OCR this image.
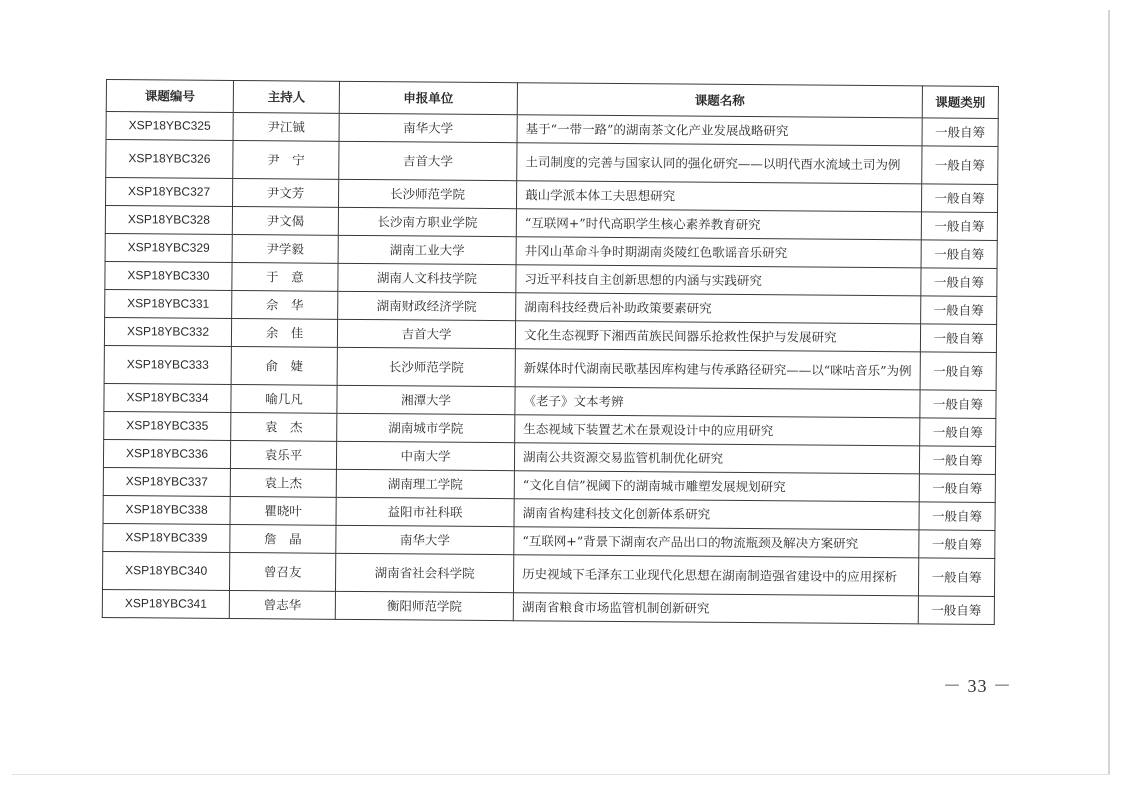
课题编号	主持人	申报单位	课题名称	课题类别
XSP18YBC325	尹江铖	南华大学	基于“一带一路”的湖南茶文化产业发展战略研究	一般自筹
XSP18YBC326	尹　宁	吉首大学	土司制度的完善与国家认同的强化研究——以明代酉水流域土司为例	一般自筹
XSP18YBC327	尹文芳	长沙师范学院	蕺山学派本体工夫思想研究	一般自筹
XSP18YBC328	尹文偈	长沙南方职业学院	“互联网+”时代高职学生核心素养教育研究	一般自筹
XSP18YBC329	尹学毅	湖南工业大学	井冈山革命斗争时期湖南炎陵红色歌谣音乐研究	一般自筹
XSP18YBC330	于　意	湖南人文科技学院	习近平科技自主创新思想的内涵与实践研究	一般自筹
XSP18YBC331	佘　华	湖南财政经济学院	湖南科技经费后补助政策要素研究	一般自筹
XSP18YBC332	余　佳	吉首大学	文化生态视野下湘西苗族民间器乐抢救性保护与发展研究	一般自筹
XSP18YBC333	俞　婕	长沙师范学院	新媒体时代湖南民歌基因库构建与传承路径研究——以“咪咕音乐”为例	一般自筹
XSP18YBC334	喻几凡	湘潭大学	《老子》文本考辨	一般自筹
XSP18YBC335	袁　杰	湖南城市学院	生态视域下装置艺术在景观设计中的应用研究	一般自筹
XSP18YBC336	袁乐平	中南大学	湖南公共资源交易监管机制优化研究	一般自筹
XSP18YBC337	袁上杰	湖南理工学院	“文化自信”视阈下的湖南城市雕塑发展规划研究	一般自筹
XSP18YBC338	瞿晓叶	益阳市社科联	湖南省构建科技文化创新体系研究	一般自筹
XSP18YBC339	詹　晶	南华大学	“互联网+”背景下湖南农产品出口的物流瓶颈及解决方案研究	一般自筹
XSP18YBC340	曾召友	湖南省社会科学院	历史视域下毛泽东工业现代化思想在湖南制造强省建设中的应用探析	一般自筹
XSP18YBC341	曾志华	衡阳师范学院	湖南省粮食市场监管机制创新研究	一般自筹
－ 33 －
